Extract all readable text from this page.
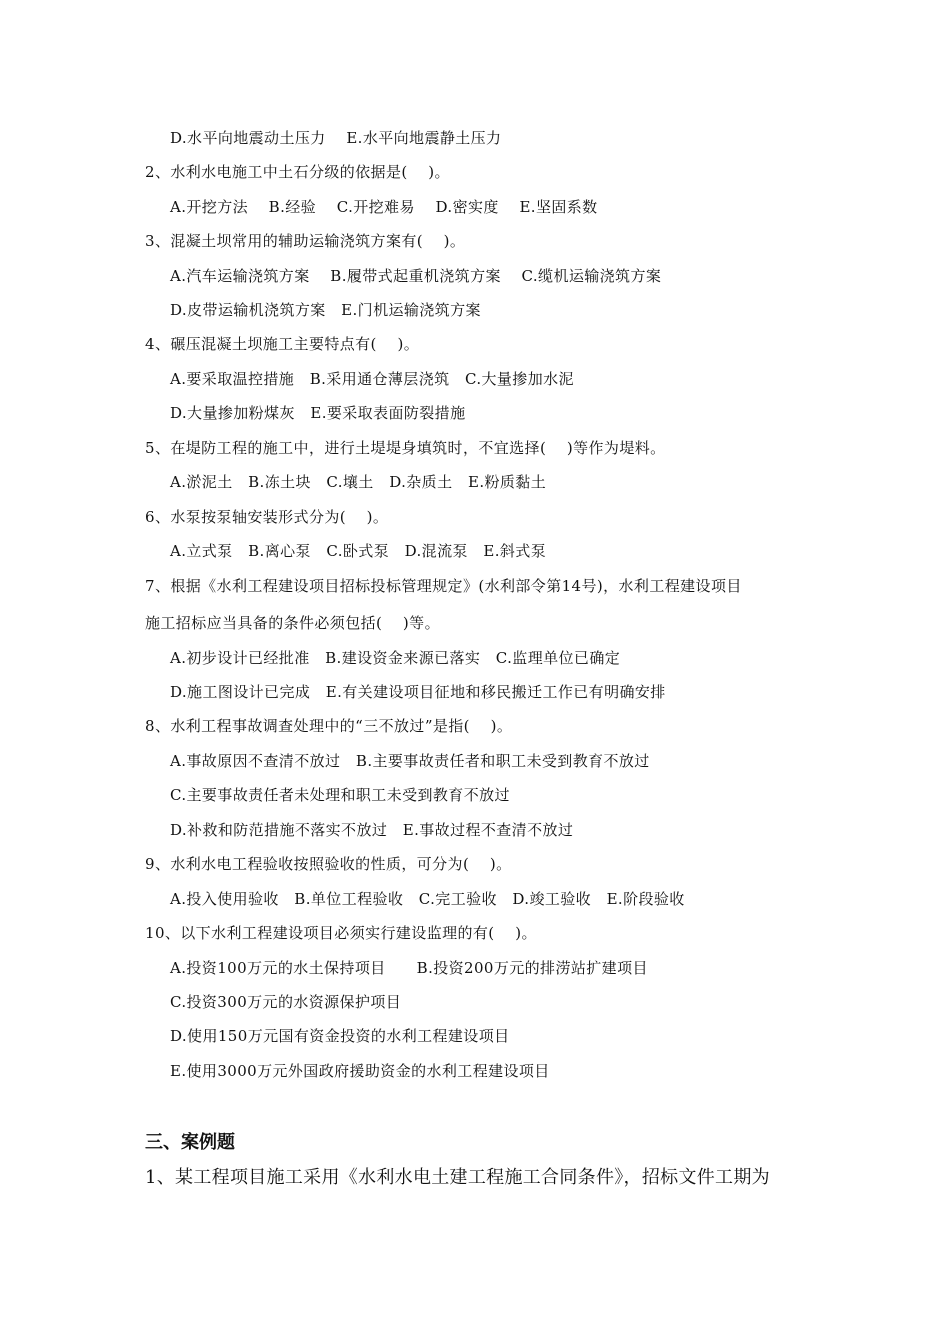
D.水平向地震动土压力    E.水平向地震静土压力
2、水利水电施工中土石分级的依据是(    )。
A.开挖方法    B.经验    C.开挖难易    D.密实度    E.坚固系数
3、混凝土坝常用的辅助运输浇筑方案有(    )。
A.汽车运输浇筑方案    B.履带式起重机浇筑方案    C.缆机运输浇筑方案
D.皮带运输机浇筑方案   E.门机运输浇筑方案
4、碾压混凝土坝施工主要特点有(    )。
A.要采取温控措施   B.采用通仓薄层浇筑   C.大量掺加水泥
D.大量掺加粉煤灰   E.要采取表面防裂措施
5、在堤防工程的施工中，进行土堤堤身填筑时，不宜选择(    )等作为堤料。
A.淤泥土   B.冻土块   C.壤土   D.杂质土   E.粉质黏土
6、水泵按泵轴安装形式分为(    )。
A.立式泵   B.离心泵   C.卧式泵   D.混流泵   E.斜式泵
7、根据《水利工程建设项目招标投标管理规定》(水利部令第14号)，水利工程建设项目
施工招标应当具备的条件必须包括(    )等。
A.初步设计已经批准   B.建设资金来源已落实   C.监理单位已确定
D.施工图设计已完成   E.有关建设项目征地和移民搬迁工作已有明确安排
8、水利工程事故调查处理中的“三不放过”是指(    )。
A.事故原因不查清不放过   B.主要事故责任者和职工未受到教育不放过
C.主要事故责任者未处理和职工未受到教育不放过
D.补救和防范措施不落实不放过   E.事故过程不查清不放过
9、水利水电工程验收按照验收的性质，可分为(    )。
A.投入使用验收   B.单位工程验收   C.完工验收   D.竣工验收   E.阶段验收
10、以下水利工程建设项目必须实行建设监理的有(    )。
A.投资100万元的水土保持项目      B.投资200万元的排涝站扩建项目
C.投资300万元的水资源保护项目
D.使用150万元国有资金投资的水利工程建设项目
E.使用3000万元外国政府援助资金的水利工程建设项目
三、案例题
1、某工程项目施工采用《水利水电土建工程施工合同条件》，招标文件工期为
